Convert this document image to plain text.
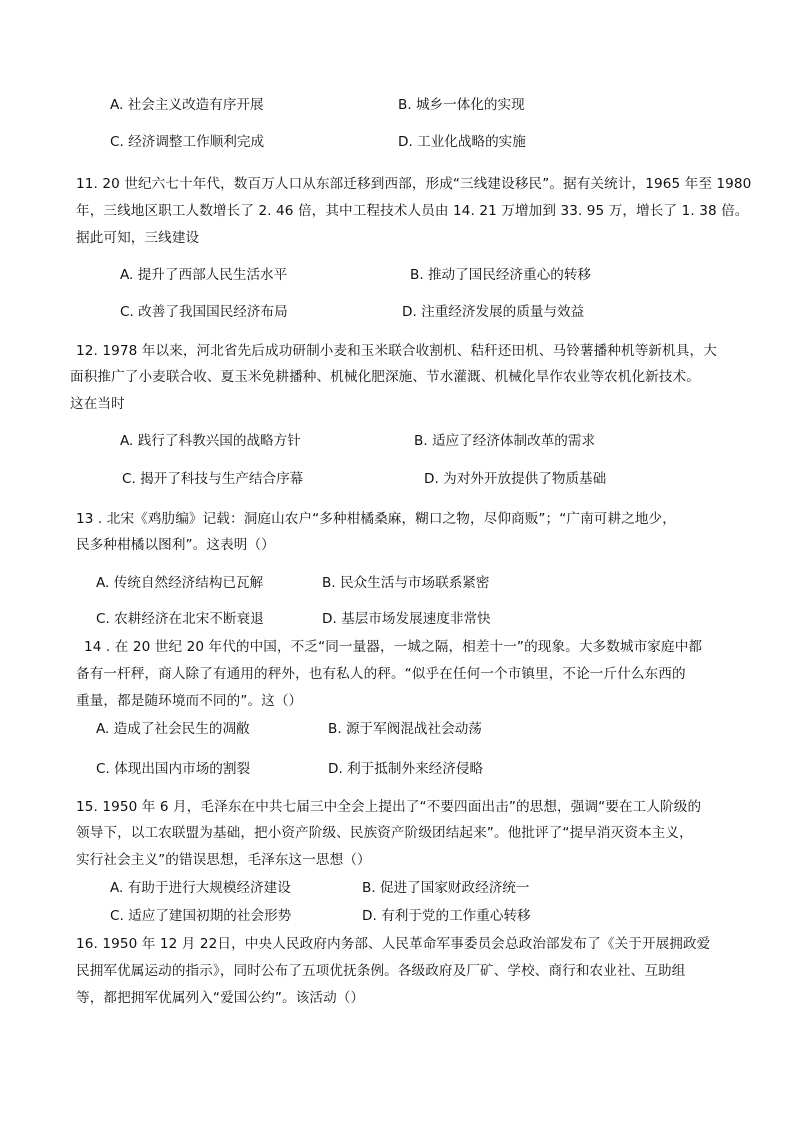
A. 社会主义改造有序开展	B. 城乡一体化的实现
C. 经济调整工作顺利完成	D. 工业化战略的实施
11. 20 世纪六七十年代，数百万人口从东部迁移到西部，形成“三线建设移民”。据有关统计，1965 年至 1980
年，三线地区职工人数增长了 2. 46 倍，其中工程技术人员由 14. 21 万增加到 33. 95 万，增长了 1. 38 倍。
据此可知，三线建设
A. 提升了西部人民生活水平	B. 推动了国民经济重心的转移
C. 改善了我国国民经济布局	D. 注重经济发展的质量与效益
12. 1978 年以来，河北省先后成功研制小麦和玉米联合收割机、秸秆还田机、马铃薯播种机等新机具，大
面积推广了小麦联合收、夏玉米免耕播种、机械化肥深施、节水灌溉、机械化旱作农业等农机化新技术。
这在当时
A. 践行了科教兴国的战略方针	B. 适应了经济体制改革的需求
C. 揭开了科技与生产结合序幕	D. 为对外开放提供了物质基础
13 . 北宋《鸡肋编》记载：洞庭山农户“多种柑橘桑麻，糊口之物，尽仰商贩”；“广南可耕之地少，
民多种柑橘以图利”。这表明（）
A. 传统自然经济结构已瓦解	B. 民众生活与市场联系紧密
C. 农耕经济在北宋不断衰退	D. 基层市场发展速度非常快
14 . 在 20 世纪 20 年代的中国，不乏“同一量器，一城之隔，相差十一”的现象。大多数城市家庭中都
备有一杆秤，商人除了有通用的秤外，也有私人的秤。“似乎在任何一个市镇里，不论一斤什么东西的
重量，都是随环境而不同的”。这（）
A. 造成了社会民生的凋敝	B. 源于军阀混战社会动荡
C. 体现出国内市场的割裂	D. 利于抵制外来经济侵略
15. 1950 年 6 月，毛泽东在中共七届三中全会上提出了“不要四面出击”的思想，强调“要在工人阶级的
领导下，以工农联盟为基础，把小资产阶级、民族资产阶级团结起来”。他批评了“提早消灭资本主义，
实行社会主义”的错误思想，毛泽东这一思想（）
A. 有助于进行大规模经济建设	B. 促进了国家财政经济统一
C. 适应了建国初期的社会形势	D. 有利于党的工作重心转移
16. 1950 年 12 月 22日，中央人民政府内务部、人民革命军事委员会总政治部发布了《关于开展拥政爱
民拥军优属运动的指示》，同时公布了五项优抚条例。各级政府及厂矿、学校、商行和农业社、互助组
等，都把拥军优属列入“爱国公约”。该活动（）
